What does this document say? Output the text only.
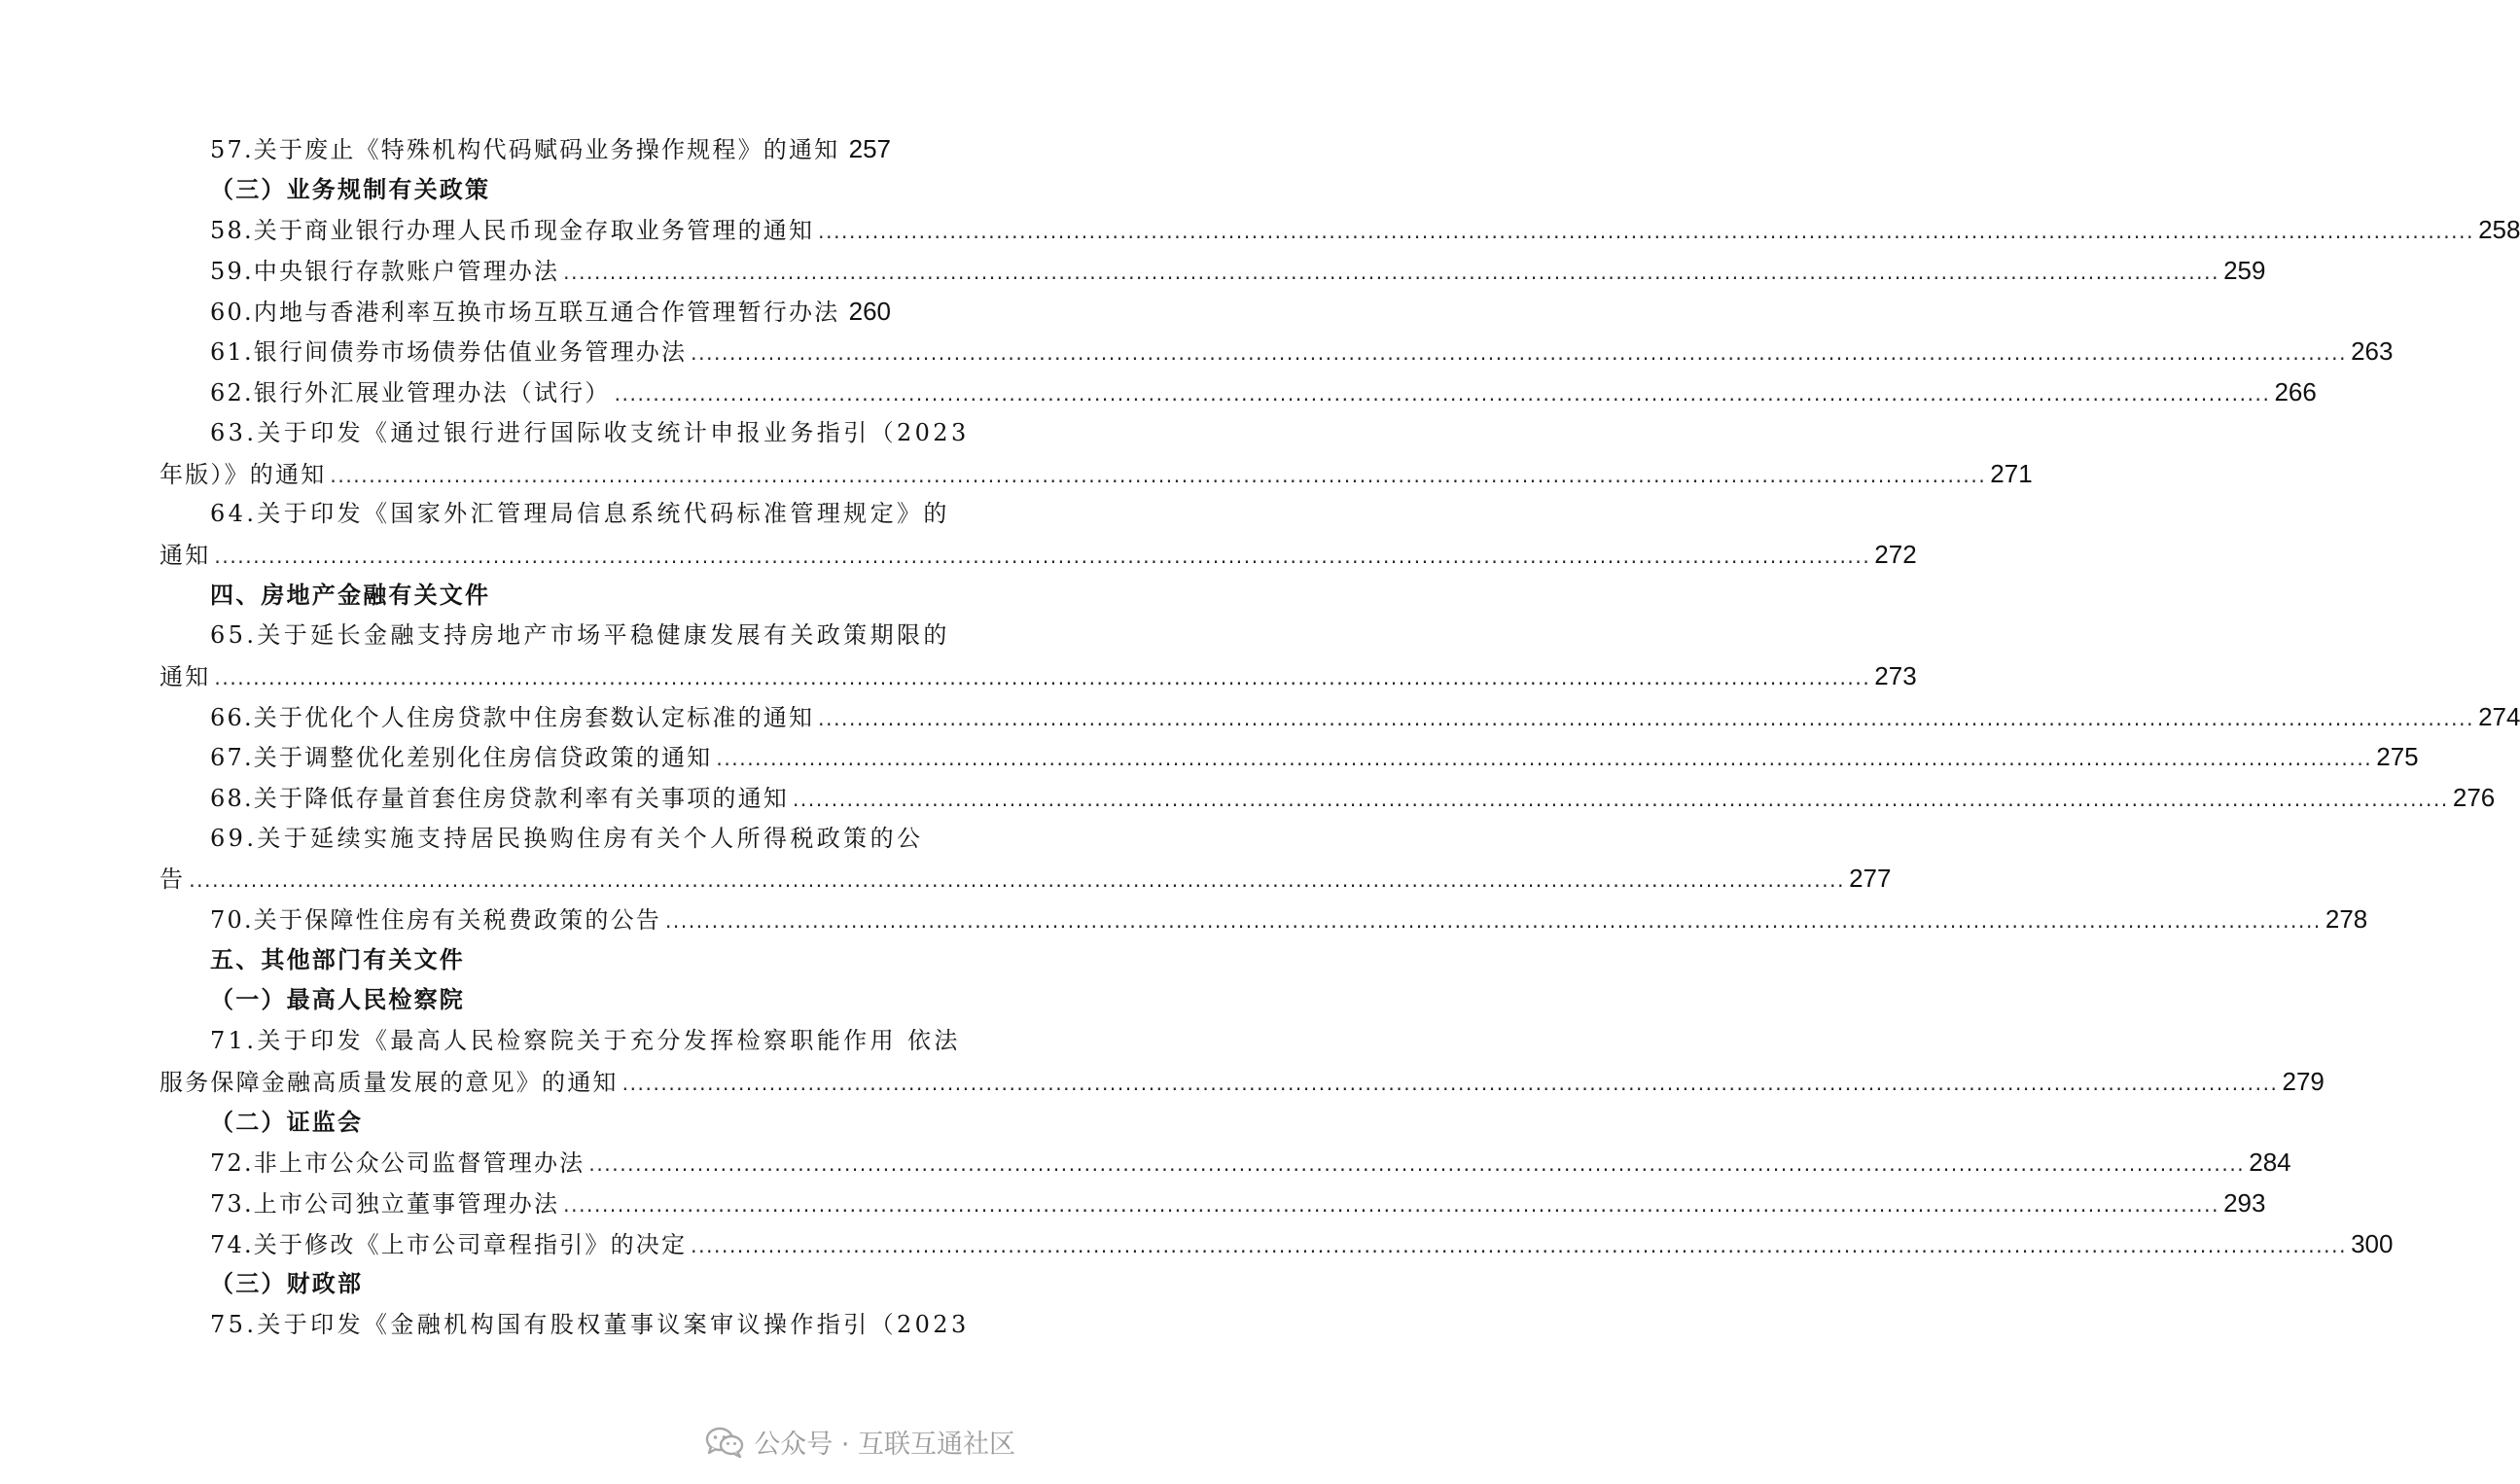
57.关于废止《特殊机构代码赋码业务操作规程》的通知 ..... 257
（三）业务规制有关政策
58.关于商业银行办理人民币现金存取业务管理的通知 .....	258
59.中央银行存款账户管理办法 .....	259
60.内地与香港利率互换市场互联互通合作管理暂行办法 ..... 260
61.银行间债券市场债券估值业务管理办法 .....	263
62.银行外汇展业管理办法（试行） .....	266
63.关于印发《通过银行进行国际收支统计申报业务指引（2023
年版）》的通知 .....	271
64.关于印发《国家外汇管理局信息系统代码标准管理规定》的
通知 .....	272
四、房地产金融有关文件
65.关于延长金融支持房地产市场平稳健康发展有关政策期限的
通知 .....	273
66.关于优化个人住房贷款中住房套数认定标准的通知 .....	274
67.关于调整优化差别化住房信贷政策的通知 .....	275
68.关于降低存量首套住房贷款利率有关事项的通知 .....	276
69.关于延续实施支持居民换购住房有关个人所得税政策的公
告 .....	277
70.关于保障性住房有关税费政策的公告 .....	278
五、其他部门有关文件
（一）最高人民检察院
71.关于印发《最高人民检察院关于充分发挥检察职能作用 依法
服务保障金融高质量发展的意见》的通知 .....	279
（二）证监会
72.非上市公众公司监督管理办法 .....	284
73.上市公司独立董事管理办法 .....	293
74.关于修改《上市公司章程指引》的决定 .....	300
（三）财政部
75.关于印发《金融机构国有股权董事议案审议操作指引（2023
公众号 · 互联互通社区
